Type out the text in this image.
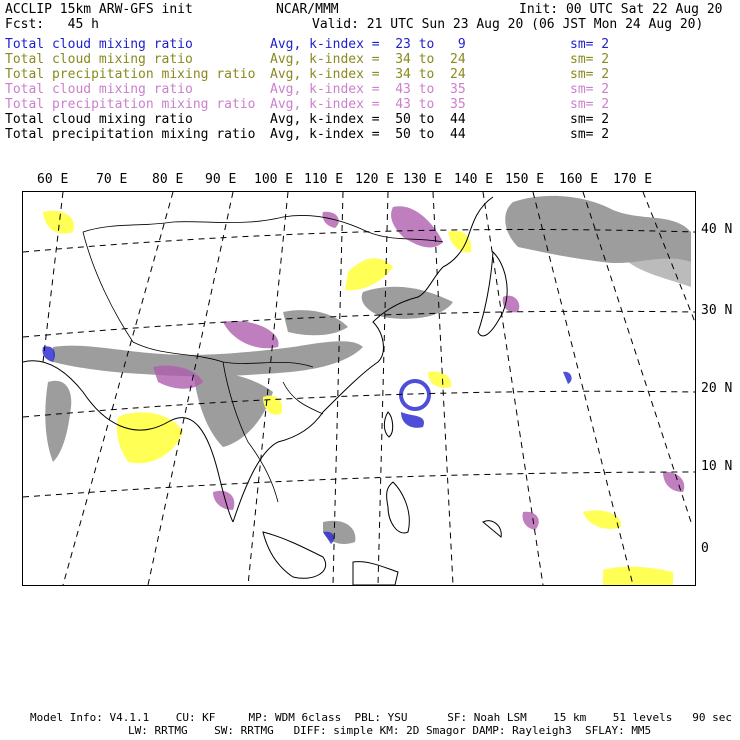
ACCLIP 15km ARW-GFS init	NCAR/MMM	Init: 00 UTC Sat 22 Aug 20
Fcst:   45 h	Valid: 21 UTC Sun 23 Aug 20 (06 JST Mon 24 Aug 20)
Total cloud mixing ratio	Avg, k-index =  23 to   9	sm= 2
Total cloud mixing ratio	Avg, k-index =  34 to  24	sm= 2
Total precipitation mixing ratio Avg, k-index =  34 to  24	sm= 2
Total cloud mixing ratio	Avg, k-index =  43 to  35	sm= 2
Total precipitation mixing ratio Avg, k-index =  43 to  35	sm= 2
Total cloud mixing ratio	Avg, k-index =  50 to  44	sm= 2
Total precipitation mixing ratio Avg, k-index =  50 to  44	sm= 2
60 E 70 E 80 E 90 E 100 E 110 E 120 E 130 E 140 E 150 E 160 E 170 E
40 N
30 N
20 N
10 N
0
Model Info: V4.1.1    CU: KF     MP: WDM 6class  PBL: YSU      SF: Noah LSM    15 km    51 levels   90 sec
LW: RRTMG    SW: RRTMG   DIFF: simple KM: 2D Smagor DAMP: Rayleigh3  SFLAY: MM5
